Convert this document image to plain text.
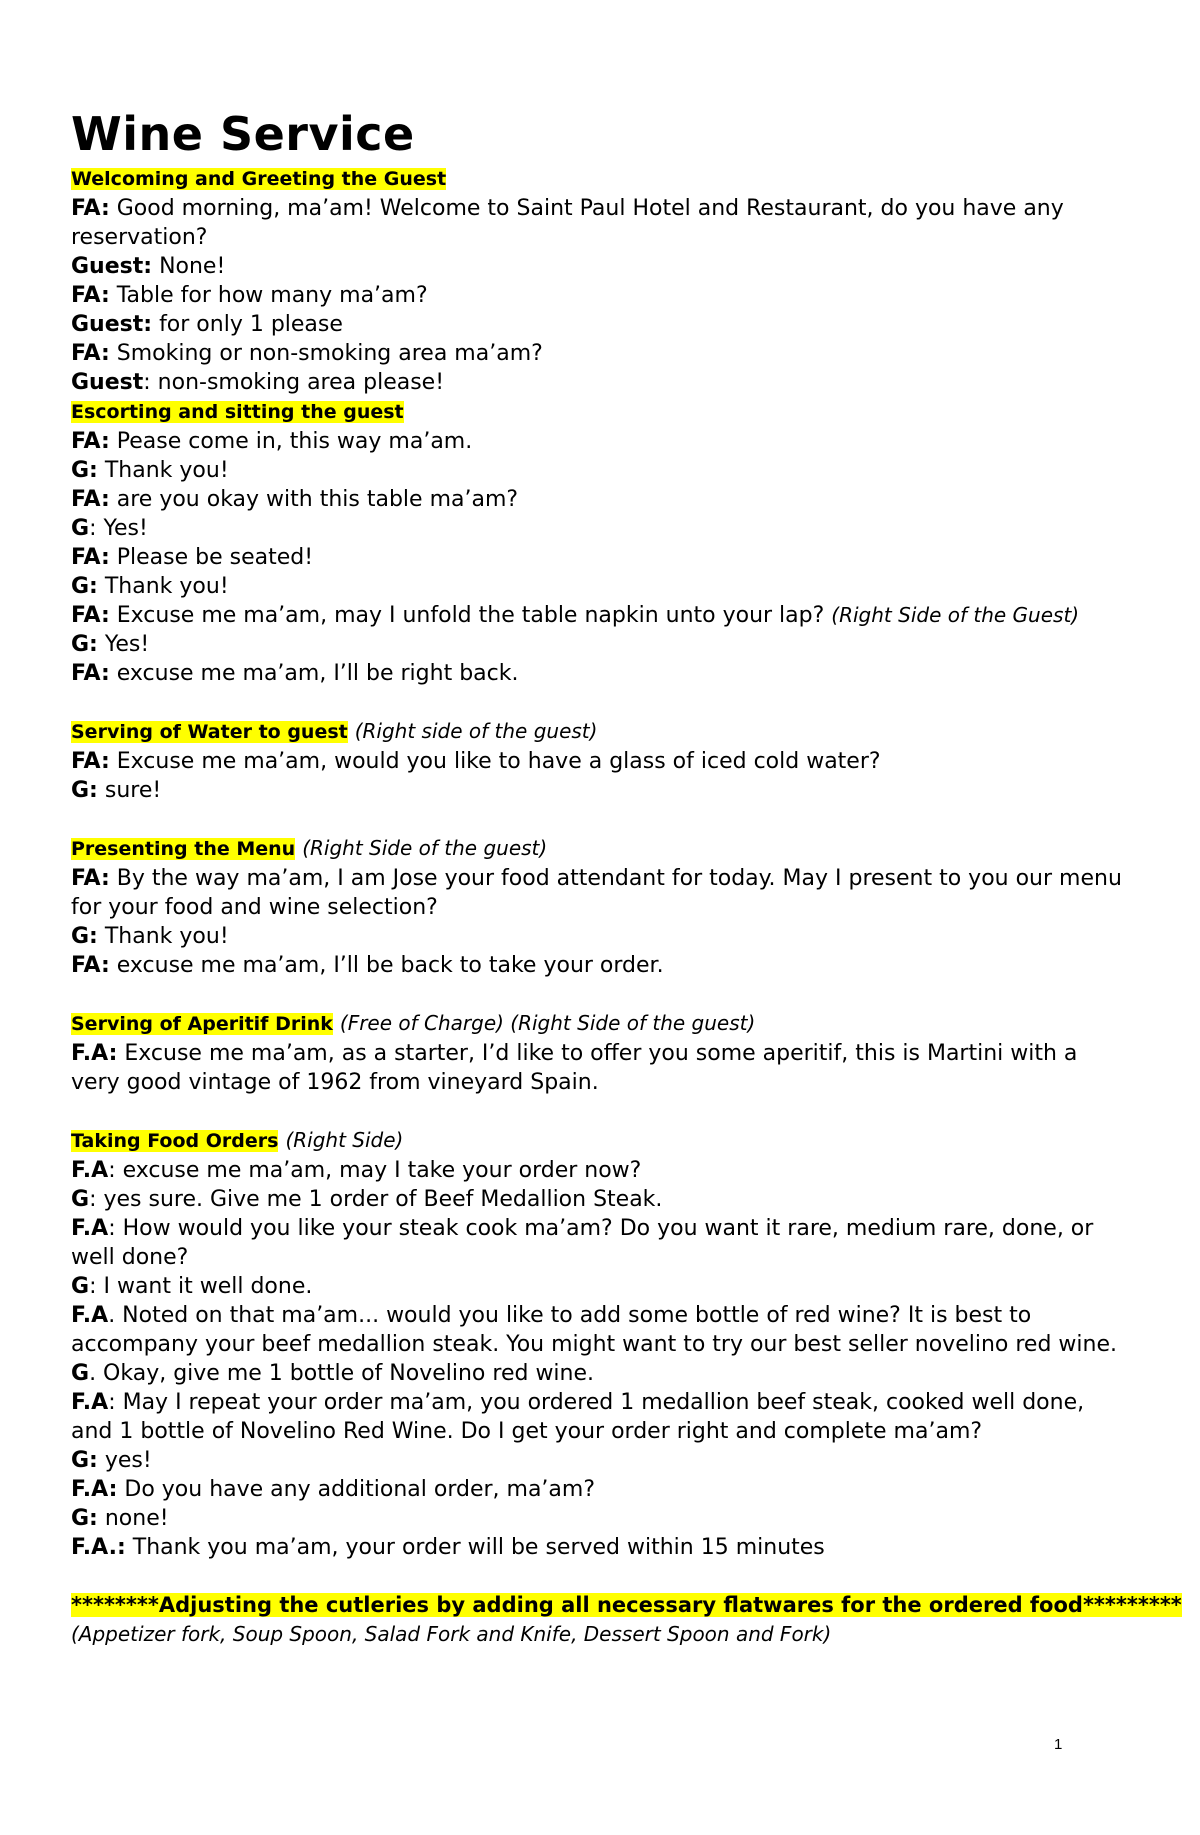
Wine Service

Welcoming and Greeting the Guest

FA: Good morning, ma’am! Welcome to Saint Paul Hotel and Restaurant, do you have any reservation?

Guest: None!

FA: Table for how many ma’am?

Guest: for only 1 please

FA: Smoking or non-smoking area ma’am?

Guest: non-smoking area please!

Escorting and sitting the guest

FA: Pease come in, this way ma’am.

G: Thank you!

FA: are you okay with this table ma’am?

G: Yes!

FA: Please be seated!

G: Thank you!

FA: Excuse me ma’am, may I unfold the table napkin unto your lap? (Right Side of the Guest)

G: Yes!

FA: excuse me ma’am, I’ll be right back.

Serving of Water to guest (Right side of the guest)

FA: Excuse me ma’am, would you like to have a glass of iced cold water?

G: sure!

Presenting the Menu (Right Side of the guest)

FA: By the way ma’am, I am Jose your food attendant for today. May I present to you our menu for your food and wine selection?

G: Thank you!

FA: excuse me ma’am, I’ll be back to take your order.

Serving of Aperitif Drink (Free of Charge) (Right Side of the guest)

F.A: Excuse me ma’am, as a starter, I’d like to offer you some aperitif, this is Martini with a very good vintage of 1962 from vineyard Spain.

Taking Food Orders (Right Side)

F.A: excuse me ma’am, may I take your order now?

G: yes sure. Give me 1 order of Beef Medallion Steak.

F.A: How would you like your steak cook ma’am? Do you want it rare, medium rare, done, or well done?

G: I want it well done.

F.A. Noted on that ma’am... would you like to add some bottle of red wine? It is best to accompany your beef medallion steak. You might want to try our best seller novelino red wine.

G. Okay, give me 1 bottle of Novelino red wine.

F.A: May I repeat your order ma’am, you ordered 1 medallion beef steak, cooked well done, and 1 bottle of Novelino Red Wine. Do I get your order right and complete ma’am?

G: yes!

F.A: Do you have any additional order, ma’am?

G: none!

F.A.: Thank you ma’am, your order will be served within 15 minutes

********Adjusting the cutleries by adding all necessary flatwares for the ordered food*********

(Appetizer fork, Soup Spoon, Salad Fork and Knife, Dessert Spoon and Fork)

1
